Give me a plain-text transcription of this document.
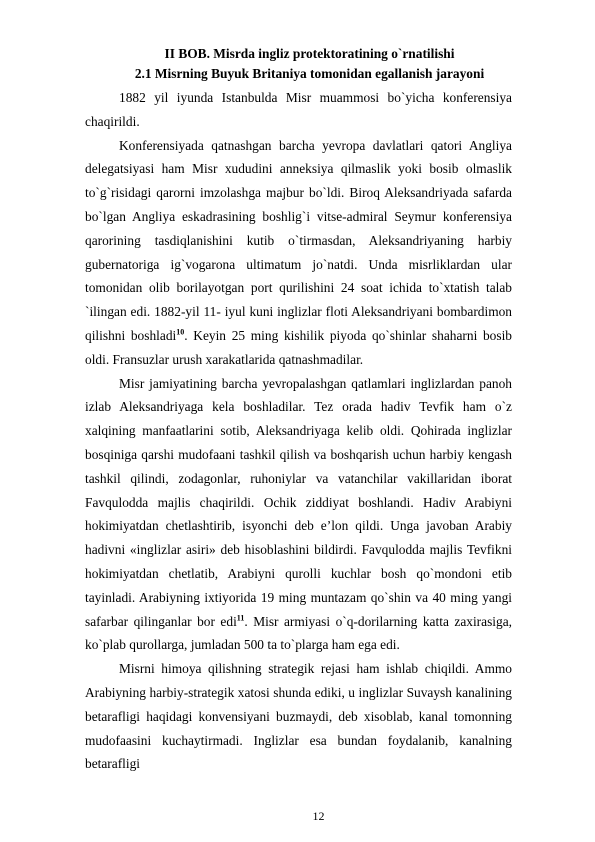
II BOB. Misrda ingliz protektoratining o`rnatilishi
2.1 Misrning Buyuk Britaniya tomonidan egallanish jarayoni

1882 yil iyunda Istanbulda Misr muammosi bo`yicha konferensiya chaqirildi.

Konferensiyada qatnashgan barcha yevropa davlatlari qatori Angliya delegatsiyasi ham Misr xududini anneksiya qilmaslik yoki bosib olmaslik to`g`risidagi qarorni imzolashga majbur bo`ldi. Biroq Aleksandriyada safarda bo`lgan Angliya eskadrasining boshlig`i vitse-admiral Seymur konferensiya qarorining tasdiqlanishini kutib o`tirmasdan, Aleksandriyaning harbiy gubernatoriga ig`vogarona ultimatum jo`natdi. Unda misrliklardan ular tomonidan olib borilayotgan port qurilishini 24 soat ichida to`xtatish talab `ilingan edi. 1882-yil 11- iyul kuni inglizlar floti Aleksandriyani bombardimon qilishni boshladi$^{10}$. Keyin 25 ming kishilik piyoda qo`shinlar shaharni bosib oldi. Fransuzlar urush xarakatlarida qatnashmadilar.

Misr jamiyatining barcha yevropalashgan qatlamlari inglizlardan panoh izlab Aleksandriyaga kela boshladilar. Tez orada hadiv Tevfik ham o`z xalqining manfaatlarini sotib, Aleksandriyaga kelib oldi. Qohirada inglizlar bosqiniga qarshi mudofaani tashkil qilish va boshqarish uchun harbiy kengash tashkil qilindi, zodagonlar, ruhoniylar va vatanchilar vakillaridan iborat Favqulodda majlis chaqirildi. Ochik ziddiyat boshlandi. Hadiv Arabiyni hokimiyatdan chetlashtirib, isyonchi deb e’lon qildi. Unga javoban Arabiy hadivni «inglizlar asiri» deb hisoblashini bildirdi. Favqulodda majlis Tevfikni hokimiyatdan chetlatib, Arabiyni qurolli kuchlar bosh qo`mondoni etib tayinladi. Arabiyning ixtiyorida 19 ming muntazam qo`shin va 40 ming yangi safarbar qilinganlar bor edi$^{11}$. Misr armiyasi o`q-dorilarning katta zaxirasiga, ko`plab qurollarga, jumladan 500 ta to`plarga ham ega edi.

Misrni himoya qilishning strategik rejasi ham ishlab chiqildi. Ammo Arabiyning harbiy-strategik xatosi shunda ediki, u inglizlar Suvaysh kanalining betarafligi haqidagi konvensiyani buzmaydi, deb xisoblab, kanal tomonning mudofaasini kuchaytirmadi. Inglizlar esa bundan foydalanib, kanalning betarafligi

12
